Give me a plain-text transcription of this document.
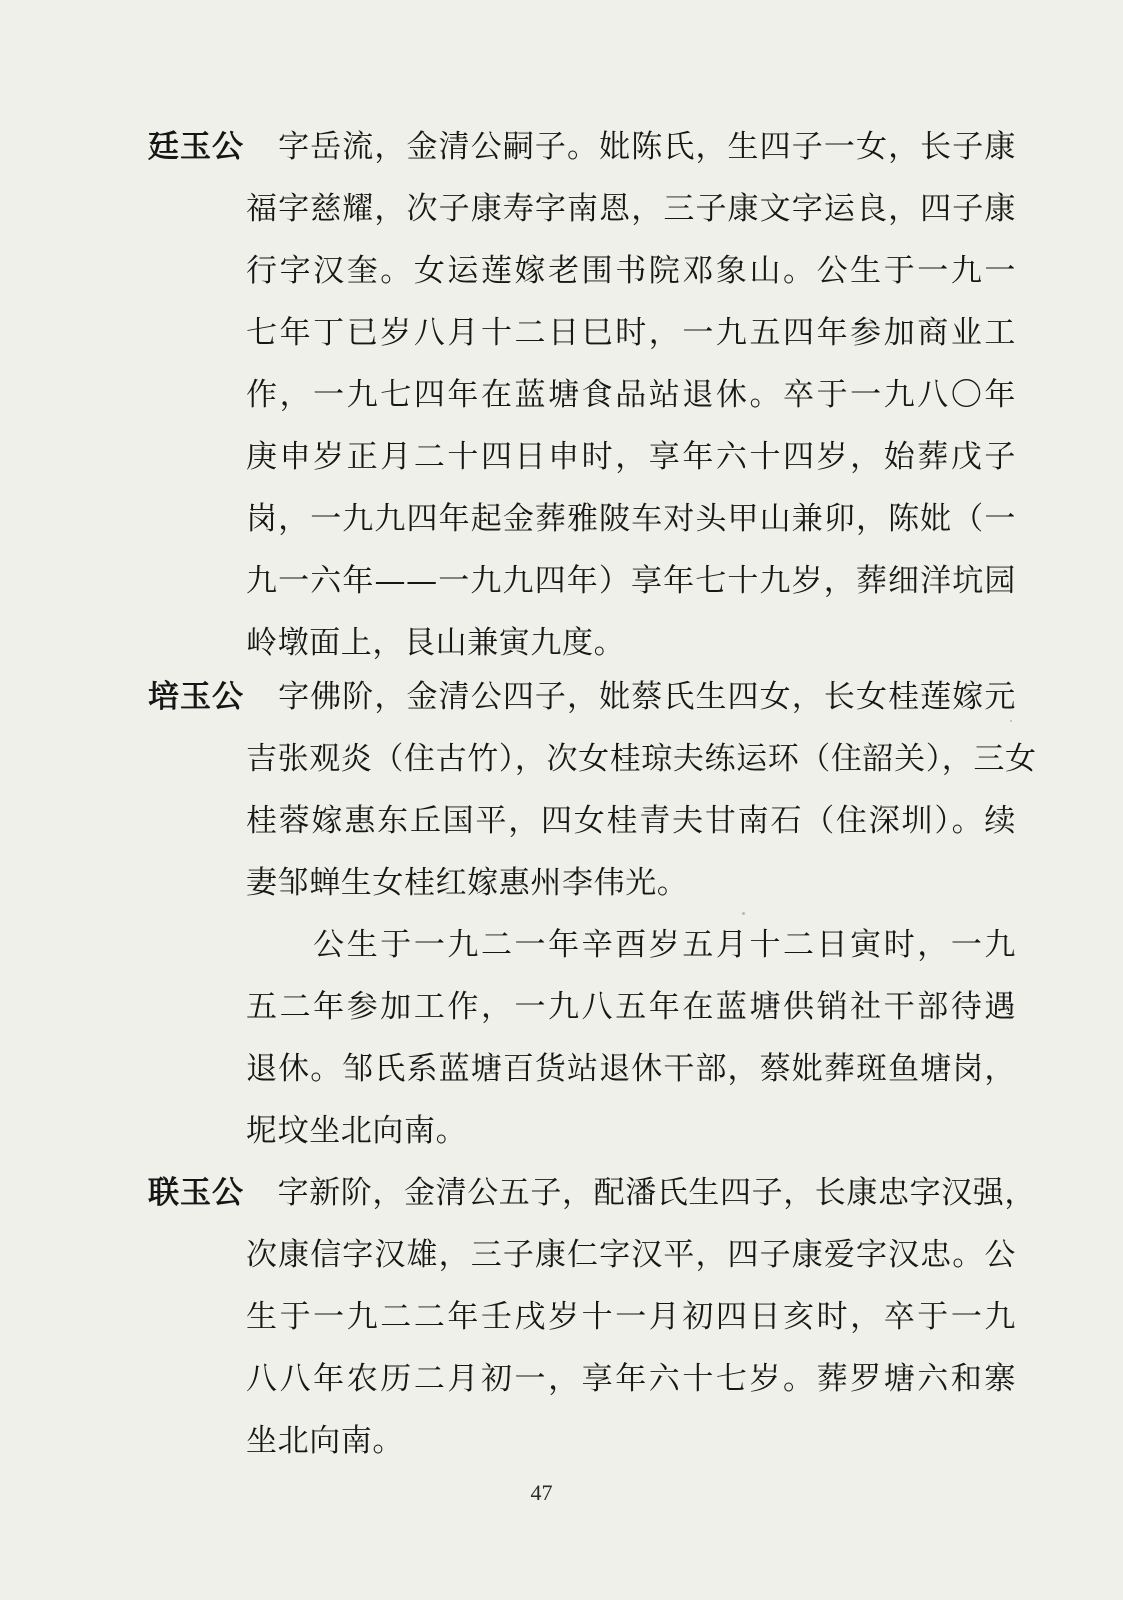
廷玉公 　字岳流，金清公嗣子。妣陈氏，生四子一女，长子康
福字慈耀，次子康寿字南恩，三子康文字运良，四子康
行字汉奎。女运莲嫁老围书院邓象山。公生于一九一
七年丁已岁八月十二日巳时，一九五四年参加商业工
作，一九七四年在蓝塘食品站退休。卒于一九八〇年
庚申岁正月二十四日申时，享年六十四岁，始葬戊子
岗，一九九四年起金葬雅陂车对头甲山兼卯，陈妣（一
九一六年——一九九四年）享年七十九岁，葬细洋坑园
岭墩面上，艮山兼寅九度。
培玉公 　字佛阶，金清公四子，妣蔡氏生四女，长女桂莲嫁元
吉张观炎（住古竹），次女桂琼夫练运环（住韶关），三女
桂蓉嫁惠东丘国平，四女桂青夫甘南石（住深圳）。续
妻邹蝉生女桂红嫁惠州李伟光。
　　公生于一九二一年辛酉岁五月十二日寅时，一九
五二年参加工作，一九八五年在蓝塘供销社干部待遇
退休。邹氏系蓝塘百货站退休干部，蔡妣葬斑鱼塘岗，
坭坟坐北向南。
联玉公 　字新阶，金清公五子，配潘氏生四子，长康忠字汉强，
次康信字汉雄，三子康仁字汉平，四子康爱字汉忠。公
生于一九二二年壬戌岁十一月初四日亥时，卒于一九
八八年农历二月初一，享年六十七岁。葬罗塘六和寨
坐北向南。
47
